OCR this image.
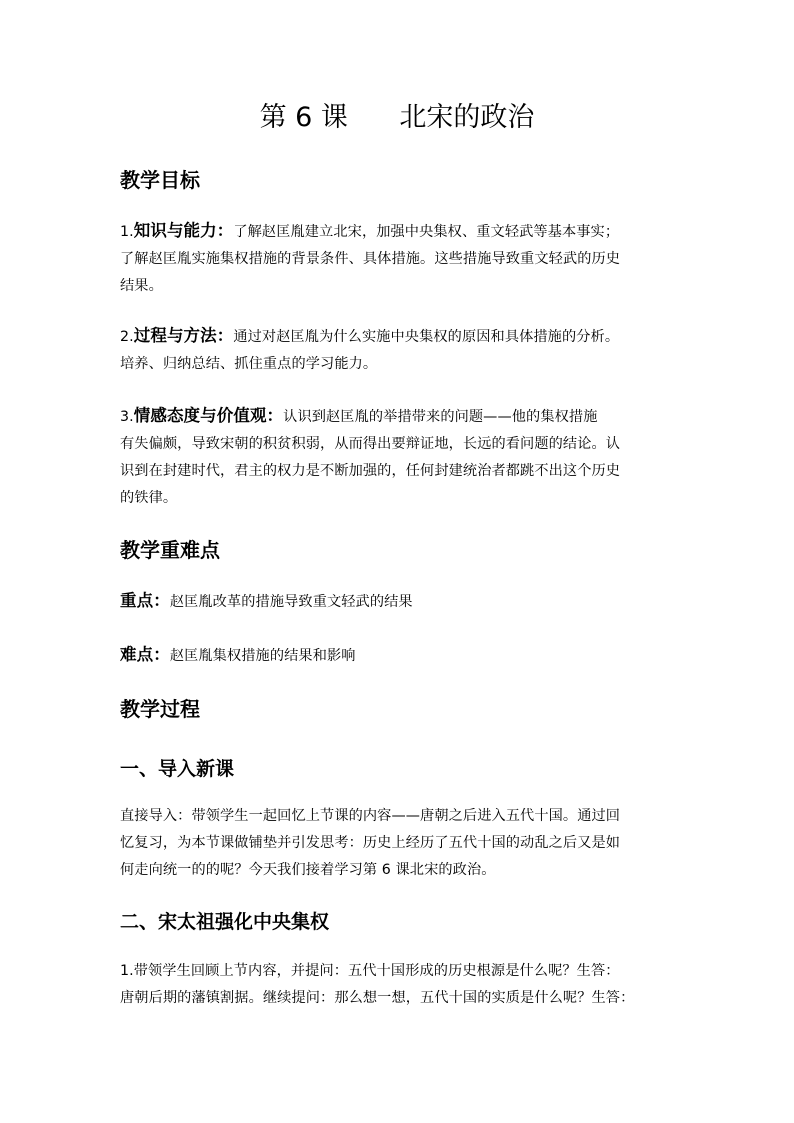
第 6 课      北宋的政治
教学目标
1.知识与能力：了解赵匡胤建立北宋，加强中央集权、重文轻武等基本事实；
了解赵匡胤实施集权措施的背景条件、具体措施。这些措施导致重文轻武的历史
结果。
2.过程与方法：通过对赵匡胤为什么实施中央集权的原因和具体措施的分析。
培养、归纳总结、抓住重点的学习能力。
3.情感态度与价值观：认识到赵匡胤的举措带来的问题——他的集权措施
有失偏颇，导致宋朝的积贫积弱，从而得出要辩证地，长远的看问题的结论。认
识到在封建时代，君主的权力是不断加强的，任何封建统治者都跳不出这个历史
的铁律。
教学重难点
重点：赵匡胤改革的措施导致重文轻武的结果
难点：赵匡胤集权措施的结果和影响
教学过程
一、导入新课
直接导入：带领学生一起回忆上节课的内容——唐朝之后进入五代十国。通过回
忆复习，为本节课做铺垫并引发思考：历史上经历了五代十国的动乱之后又是如
何走向统一的的呢？今天我们接着学习第 6 课北宋的政治。
二、宋太祖强化中央集权
1.带领学生回顾上节内容，并提问：五代十国形成的历史根源是什么呢？生答：
唐朝后期的藩镇割据。继续提问：那么想一想，五代十国的实质是什么呢？生答：
